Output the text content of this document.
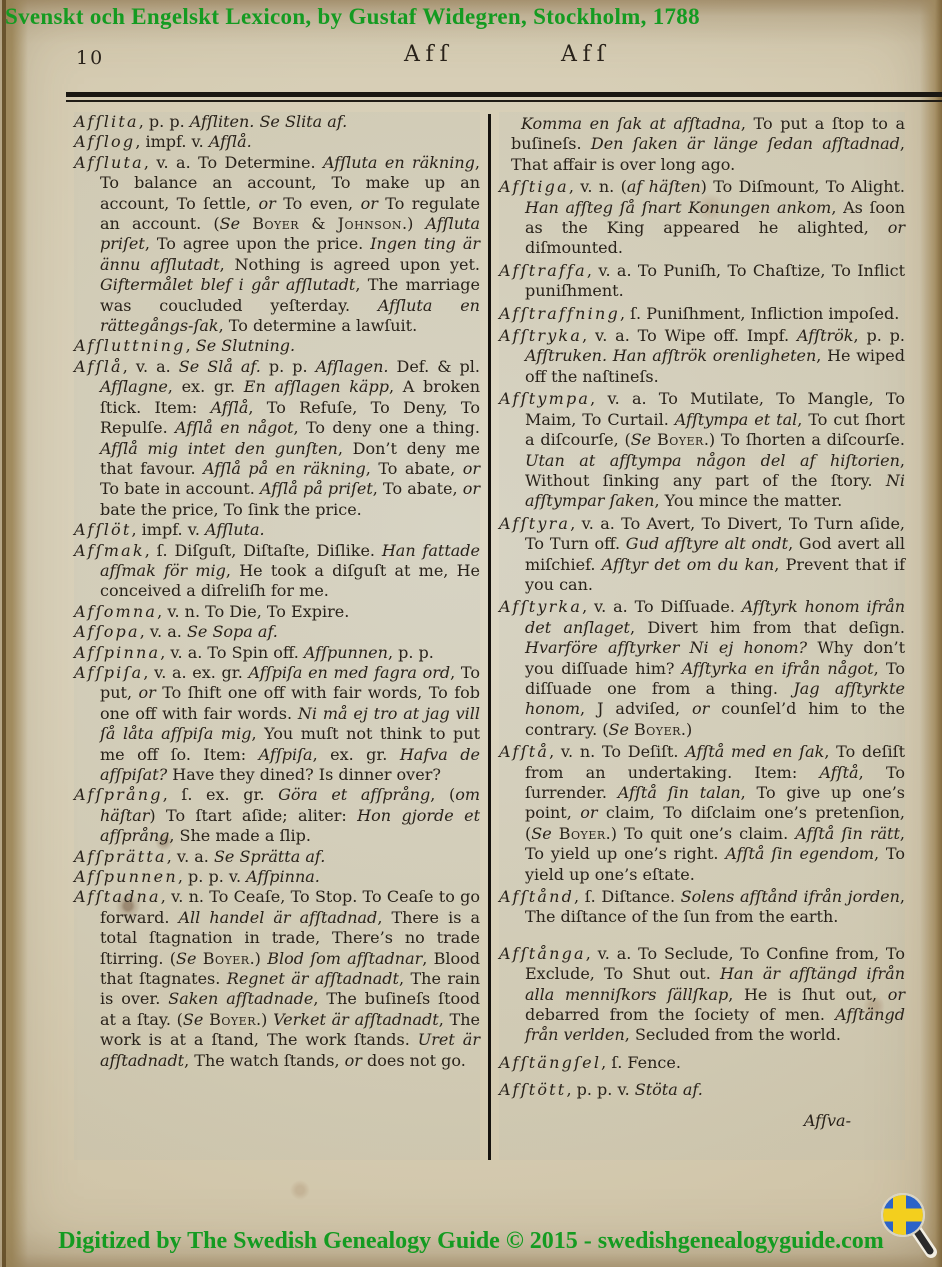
Svenskt och Engelskt Lexicon, by Gustaf Widegren, Stockholm, 1788
10	Afſ	Afſ

Afſlita, p. p. Afſliten. Se Slita af.

Afſlog, impf. v. Afſlå.

Afſluta, v. a. To Determine. Afſluta en räkning, To balance an account, To make up an account, To ſettle, or To even, or To regulate an account. (Se Boyer & Johnson.) Afſluta priſet, To agree upon the price. Ingen ting är ännu afſlutadt, Nothing is agreed upon yet. Giftermålet blef i går afſlutadt, The marriage was coucluded yeſterday. Afſluta en rättegångs-ſak, To determine a lawſuit.

Afſluttning, Se Slutning.

Afſlå, v. a. Se Slå af. p. p. Afſlagen. Def. & pl. Afſlagne, ex. gr. En afſlagen käpp, A broken ſtick. Item: Afſlå, To Refuſe, To Deny, To Repulſe. Afſlå en något, To deny one a thing. Afſlå mig intet den gunſten, Don’t deny me that favour. Afſlå på en räkning, To abate, or To bate in account. Afſlå på priſet, To abate, or bate the price, To ſink the price.

Afſlöt, impf. v. Afſluta.

Afſmak, ſ. Diſguſt, Diſtaſte, Diſlike. Han fattade afſmak för mig, He took a diſguſt at me, He conceived a diſreliſh for me.

Afſomna, v. n. To Die, To Expire.

Afſopa, v. a. Se Sopa af.

Afſpinna, v. a. To Spin off. Afſpunnen, p. p.

Afſpiſa, v. a. ex. gr. Afſpiſa en med fagra ord, To put, or To ſhift one off with fair words, To fob one off with fair words. Ni må ej tro at jag vill ſå låta afſpiſa mig, You muſt not think to put me off ſo. Item: Afſpiſa, ex. gr. Hafva de afſpiſat? Have they dined? Is dinner over?

Afſprång, ſ. ex. gr. Göra et afſprång, (om häſtar) To ſtart aſide; aliter: Hon gjorde et afſprång, She made a ſlip.

Afſprätta, v. a. Se Sprätta af.

Afſpunnen, p. p. v. Afſpinna.

Afſtadna, v. n. To Ceaſe, To Stop. To Ceaſe to go forward. All handel är afſtadnad, There is a total ſtagnation in trade, There’s no trade ſtirring. (Se Boyer.) Blod ſom afſtadnar, Blood that ſtagnates. Regnet är afſtadnadt, The rain is over. Saken afſtadnade, The buſineſs ſtood at a ſtay. (Se Boyer.) Verket är afſtadnadt, The work is at a ſtand, The work ſtands. Uret är afſtadnadt, The watch ſtands, or does not go.

Komma en ſak at afſtadna, To put a ſtop to a buſineſs. Den ſaken är länge ſedan afſtadnad, That affair is over long ago.

Afſtiga, v. n. (af häſten) To Diſmount, To Alight. Han afſteg ſå ſnart Konungen ankom, As ſoon as the King appeared he alighted, or diſmounted.

Afſtraffa, v. a. To Puniſh, To Chaſtize, To Inflict puniſhment.

Afſtraffning, ſ. Puniſhment, Infliction impoſed.

Afſtryka, v. a. To Wipe off. Impf. Afſtrök, p. p. Afſtruken. Han afſtrök orenligheten, He wiped off the naſtineſs.

Afſtympa, v. a. To Mutilate, To Mangle, To Maim, To Curtail. Afſtympa et tal, To cut ſhort a diſcourſe, (Se Boyer.) To ſhorten a diſcourſe. Utan at afſtympa någon del af hiſtorien, Without ſinking any part of the ſtory. Ni afſtympar ſaken, You mince the matter.

Afſtyra, v. a. To Avert, To Divert, To Turn aſide, To Turn off. Gud afſtyre alt ondt, God avert all miſchief. Afſtyr det om du kan, Prevent that if you can.

Afſtyrka, v. a. To Diſſuade. Afſtyrk honom ifrån det anſlaget, Divert him from that deſign. Hvarföre afſtyrker Ni ej honom? Why don’t you diſſuade him? Afſtyrka en ifrån något, To diſſuade one from a thing. Jag afſtyrkte honom, J adviſed, or counſel’d him to the contrary. (Se Boyer.)

Afſtå, v. n. To Deſiſt. Afſtå med en ſak, To deſiſt from an undertaking. Item: Afſtå, To ſurrender. Afſtå ſin talan, To give up one’s point, or claim, To diſclaim one’s pretenſion, (Se Boyer.) To quit one’s claim. Afſtå ſin rätt, To yield up one’s right. Afſtå ſin egendom, To yield up one’s eſtate.

Afſtånd, ſ. Diſtance. Solens afſtånd ifrån jorden, The diſtance of the ſun from the earth.

Afſtånga, v. a. To Seclude, To Confine from, To Exclude, To Shut out. Han är afſtängd ifrån alla menniſkors ſällſkap, He is ſhut out, or debarred from the ſociety of men. Afſtängd från verlden, Secluded from the world.

Afſtängſel, ſ. Fence.

Afſtött, p. p. v. Stöta af.

Afſva-

Digitized by The Swedish Genealogy Guide © 2015 - swedishgenealogyguide.com
